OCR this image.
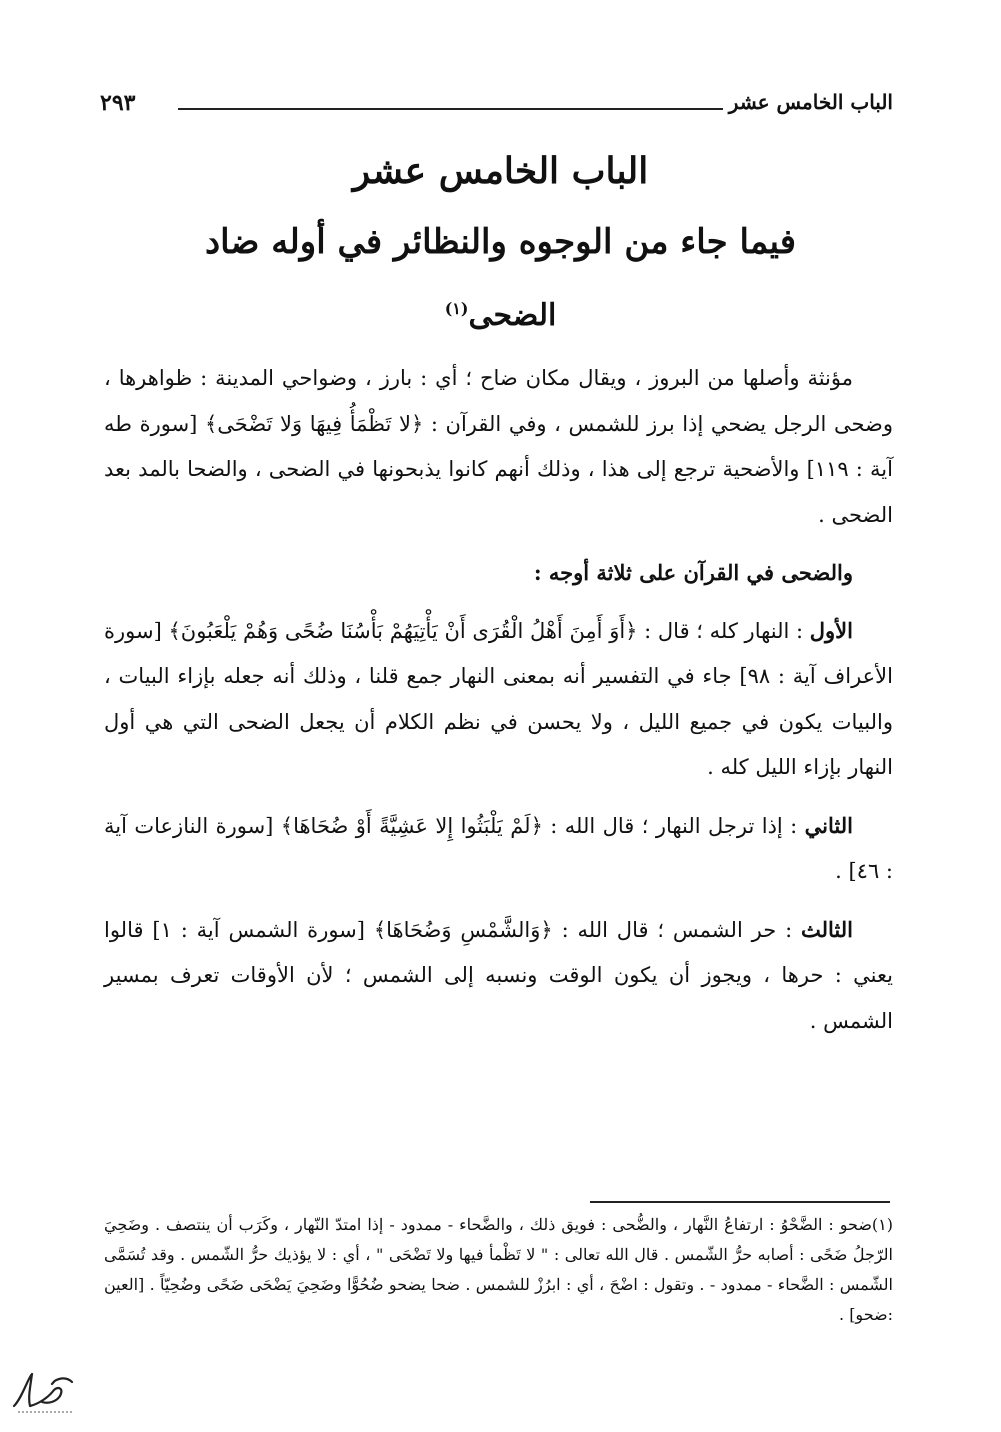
الباب الخامس عشر
٢٩٣
الباب الخامس عشر
فيما جاء من الوجوه والنظائر في أوله ضاد
الضحى$^{(١)}$

مؤنثة وأصلها من البروز ، ويقال مكان ضاح ؛ أي : بارز ، وضواحي المدينة : ظواهرها ، وضحى الرجل يضحي إذا برز للشمس ، وفي القرآن : ﴿لا تَظْمَأُ فِيهَا وَلا تَضْحَى﴾ [سورة طه آية : ١١٩] والأضحية ترجع إلى هذا ، وذلك أنهم كانوا يذبحونها في الضحى ، والضحا بالمد بعد الضحى .

والضحى في القرآن على ثلاثة أوجه :

الأول : النهار كله ؛ قال : ﴿أَوَ أَمِنَ أَهْلُ الْقُرَى أَنْ يَأْتِيَهُمْ بَأْسُنَا ضُحًى وَهُمْ يَلْعَبُونَ﴾ [سورة الأعراف آية : ٩٨] جاء في التفسير أنه بمعنى النهار جمع قلنا ، وذلك أنه جعله بإزاء البيات ، والبيات يكون في جميع الليل ، ولا يحسن في نظم الكلام أن يجعل الضحى التي هي أول النهار بإزاء الليل كله .

الثاني : إذا ترجل النهار ؛ قال الله : ﴿لَمْ يَلْبَثُوا إِلا عَشِيَّةً أَوْ ضُحَاهَا﴾ [سورة النازعات آية : ٤٦] .

الثالث : حر الشمس ؛ قال الله : ﴿وَالشَّمْسِ وَضُحَاهَا﴾ [سورة الشمس آية : ١] قالوا يعني : حرها ، ويجوز أن يكون الوقت ونسبه إلى الشمس ؛ لأن الأوقات تعرف بمسير الشمس .

(١)ضحو : الضَّحْوُ : ارتفاعُ النَّهار ، والضُّحى : فويق ذلك ، والضَّحاء - ممدود - إذا امتدّ النّهار ، وكَرَب أن ينتصف . وضَحِيَ الرّجلُ ضَحًى : أصابه حرُّ الشّمس . قال الله تعالى : " لا تَظْمأ فيها ولا تَضْحَى " ، أي : لا يؤذيك حرُّ الشّمس . وقد تُسَمَّى الشّمس : الضَّحاء - ممدود - . وتقول : اضْحَ ، أي : ابرُزْ للشمس . ضحا يضحو ضُحُوًّا وضَحِيَ يَضْحَى ضَحًى وضُحِيّاً . [العين :ضحو] .
